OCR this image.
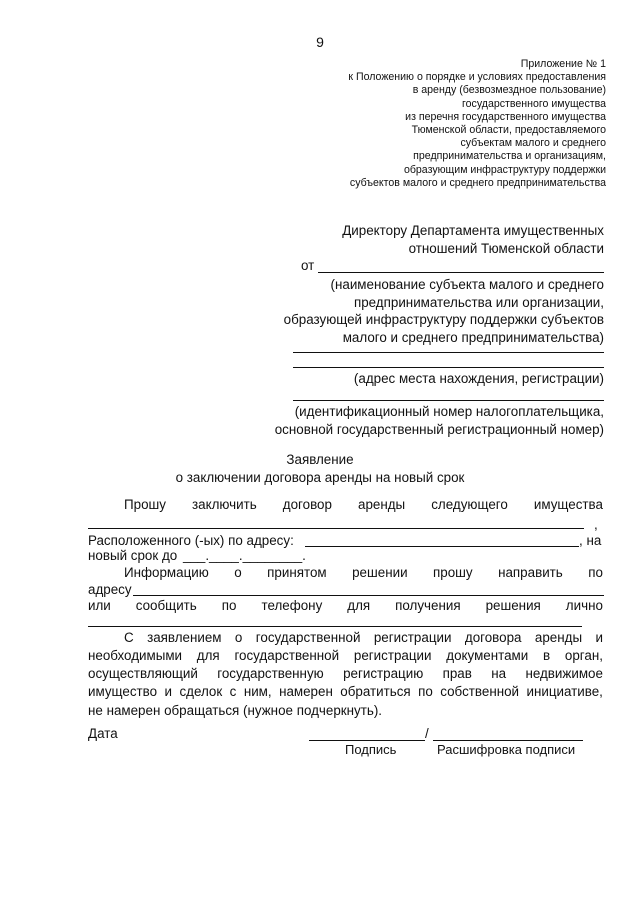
9
Приложение № 1
к Положению о порядке и условиях предоставления
в аренду (безвозмездное пользование)
государственного имущества
из перечня государственного имущества
Тюменской области, предоставляемого
субъектам малого и среднего
предпринимательства и организациям,
образующим инфраструктуру поддержки
субъектов малого и среднего предпринимательства
Директору Департамента имущественных
отношений Тюменской области
от
(наименование субъекта малого и среднего
предпринимательства или организации,
образующей инфраструктуру поддержки субъектов
малого и среднего предпринимательства)
(адрес места нахождения, регистрации)
(идентификационный номер налогоплательщика,
основной государственный регистрационный номер)
Заявление
о заключении договора аренды на новый срок
Прошу заключить договор аренды следующего имущества
,
Расположенного (-ых) по адресу:	, на
новый срок до ___.____.________.
Информацию о принятом решении прошу направить по
адресу
или сообщить по телефону для получения решения лично
С заявлением о государственной регистрации договора аренды и
необходимыми для государственной регистрации документами в орган,
осуществляющий государственную регистрацию прав на недвижимое
имущество и сделок с ним, намерен обратиться по собственной инициативе,
не намерен обращаться (нужное подчеркнуть).
Дата	/
Подпись	Расшифровка подписи
